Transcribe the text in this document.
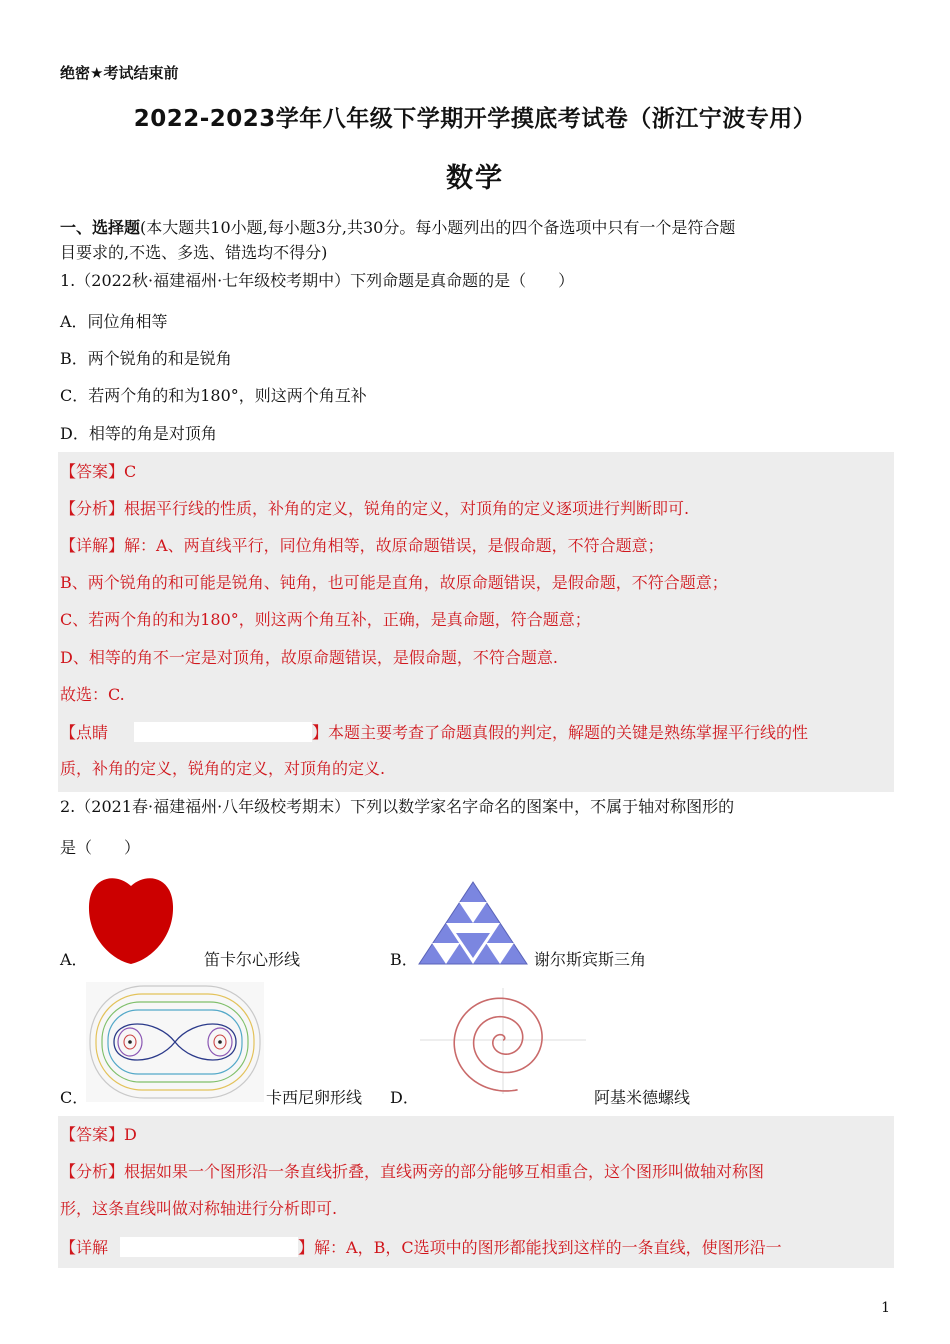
绝密★考试结束前
2022-2023学年八年级下学期开学摸底考试卷（浙江宁波专用）
数学
一、选择题(本大题共10小题,每小题3分,共30分。每小题列出的四个备选项中只有一个是符合题
目要求的,不选、多选、错选均不得分)
1.（2022秋·福建福州·七年级校考期中）下列命题是真命题的是（　　）
A．同位角相等
B．两个锐角的和是锐角
C．若两个角的和为180°，则这两个角互补
D．相等的角是对顶角
【答案】C
【分析】根据平行线的性质，补角的定义，锐角的定义，对顶角的定义逐项进行判断即可.
【详解】解：A、两直线平行，同位角相等，故原命题错误，是假命题，不符合题意；
B、两个锐角的和可能是锐角、钝角，也可能是直角，故原命题错误，是假命题，不符合题意；
C、若两个角的和为180°，则这两个角互补，正确，是真命题，符合题意；
D、相等的角不一定是对顶角，故原命题错误，是假命题，不符合题意.
故选：C.
【点睛	】本题主要考查了命题真假的判定，解题的关键是熟练掌握平行线的性
质，补角的定义，锐角的定义，对顶角的定义.
2.（2021春·福建福州·八年级校考期末）下列以数学家名字命名的图案中，不属于轴对称图形的
是（　　）
A．	笛卡尔心形线	B．	谢尔斯宾斯三角
C．	卡西尼卵形线 D．	阿基米德螺线
【答案】D
【分析】根据如果一个图形沿一条直线折叠，直线两旁的部分能够互相重合，这个图形叫做轴对称图
形，这条直线叫做对称轴进行分析即可.
【详解	】解：A，B，C选项中的图形都能找到这样的一条直线，使图形沿一
1
